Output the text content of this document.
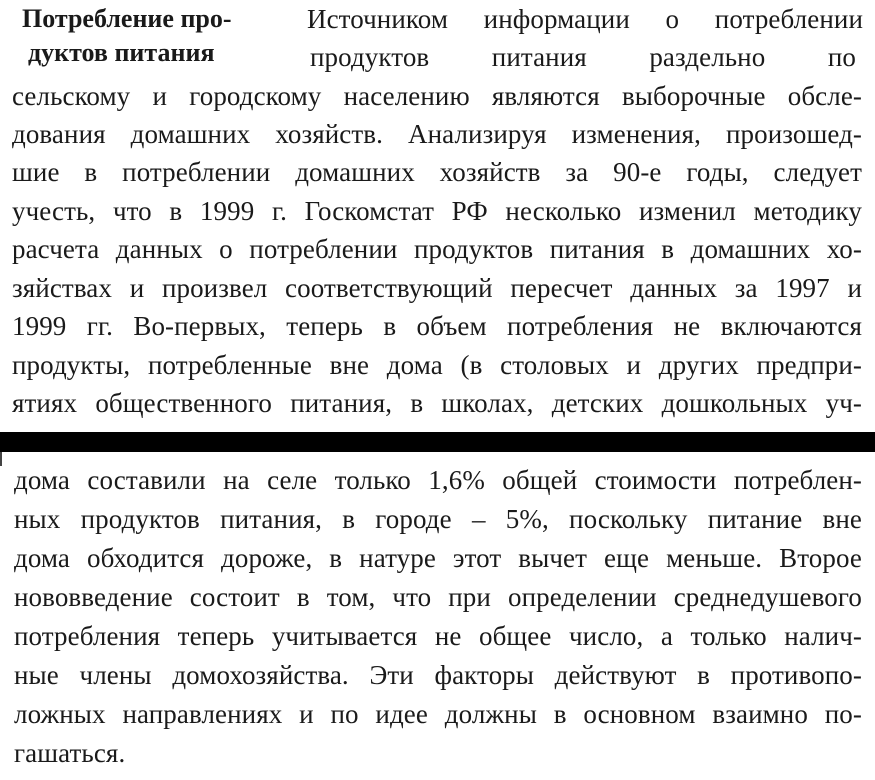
Потребление про-
дуктов питания
Источником информации о потреблении
продуктов питания раздельно по
сельскому и городскому населению являются выборочные обсле-
дования домашних хозяйств. Анализируя изменения, произошед-
шие в потреблении домашних хозяйств за 90-е годы, следует
учесть, что в 1999 г. Госкомстат РФ несколько изменил методику
расчета данных о потреблении продуктов питания в домашних хо-
зяйствах и произвел соответствующий пересчет данных за 1997 и
1999 гг. Во-первых, теперь в объем потребления не включаются
продукты, потребленные вне дома (в столовых и других предпри-
ятиях общественного питания, в школах, детских дошкольных уч-
дома составили на селе только 1,6% общей стоимости потреблен-
ных продуктов питания, в городе – 5%, поскольку питание вне
дома обходится дороже, в натуре этот вычет еще меньше. Второе
нововведение состоит в том, что при определении среднедушевого
потребления теперь учитывается не общее число, а только налич-
ные члены домохозяйства. Эти факторы действуют в противопо-
ложных направлениях и по идее должны в основном взаимно по-
гашаться.
